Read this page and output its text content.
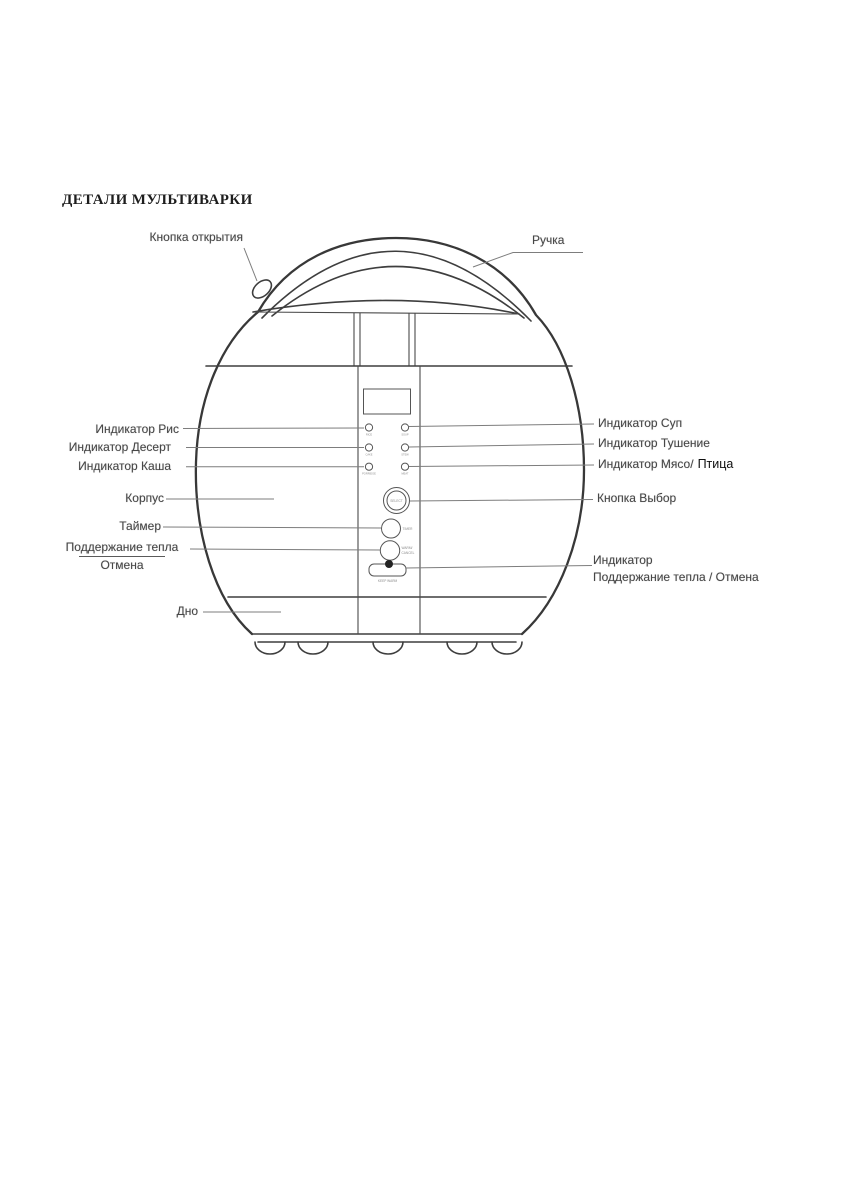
ДЕТАЛИ МУЛЬТИВАРКИ
RICE
CAKE
PORRIDGE
SOUP
STEW
MEAT
SELECT
TIMER
WARM/
CANCEL
KEEP WARM
Кнопка открытия	Ручка
Индикатор Рис
Индикатор Десерт
Индикатор Каша
Корпус
Таймер
Поддержание тепла
Отмена
Дно
Индикатор Суп
Индикатор Тушение
Индикатор Мясо/ Птица
Кнопка Выбор
Индикатор
Поддержание тепла / Отмена
